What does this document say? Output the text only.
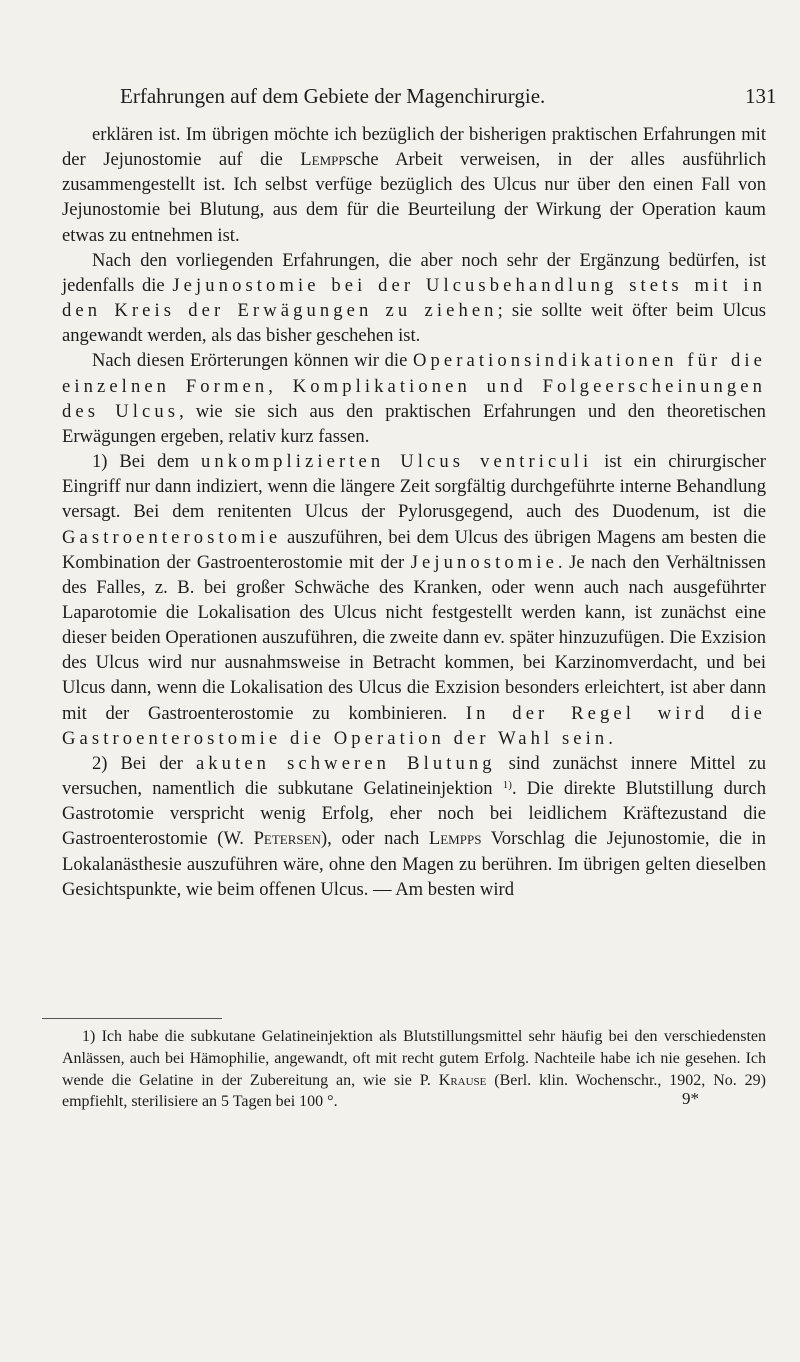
Erfahrungen auf dem Gebiete der Magenchirurgie.	131

erklären ist. Im übrigen möchte ich bezüglich der bisherigen praktischen Erfahrungen mit der Jejunostomie auf die Lemppsche Arbeit verweisen, in der alles ausführlich zusammengestellt ist. Ich selbst verfüge bezüglich des Ulcus nur über den einen Fall von Jejunostomie bei Blutung, aus dem für die Beurteilung der Wirkung der Operation kaum etwas zu entnehmen ist.

Nach den vorliegenden Erfahrungen, die aber noch sehr der Ergänzung bedürfen, ist jedenfalls die Jejunostomie bei der Ulcusbehandlung stets mit in den Kreis der Erwägungen zu ziehen; sie sollte weit öfter beim Ulcus angewandt werden, als das bisher geschehen ist.

Nach diesen Erörterungen können wir die Operationsindikationen für die einzelnen Formen, Komplikationen und Folgeerscheinungen des Ulcus, wie sie sich aus den praktischen Erfahrungen und den theoretischen Erwägungen ergeben, relativ kurz fassen.

1) Bei dem unkomplizierten Ulcus ventriculi ist ein chirurgischer Eingriff nur dann indiziert, wenn die längere Zeit sorgfältig durchgeführte interne Behandlung versagt. Bei dem renitenten Ulcus der Pylorusgegend, auch des Duodenum, ist die Gastroenterostomie auszuführen, bei dem Ulcus des übrigen Magens am besten die Kombination der Gastroenterostomie mit der Jejunostomie. Je nach den Verhältnissen des Falles, z. B. bei großer Schwäche des Kranken, oder wenn auch nach ausgeführter Laparotomie die Lokalisation des Ulcus nicht festgestellt werden kann, ist zunächst eine dieser beiden Operationen auszuführen, die zweite dann ev. später hinzuzufügen. Die Exzision des Ulcus wird nur ausnahmsweise in Betracht kommen, bei Karzinomverdacht, und bei Ulcus dann, wenn die Lokalisation des Ulcus die Exzision besonders erleichtert, ist aber dann mit der Gastroenterostomie zu kombinieren. In der Regel wird die Gastroenterostomie die Operation der Wahl sein.

2) Bei der akuten schweren Blutung sind zunächst innere Mittel zu versuchen, namentlich die subkutane Gelatineinjektion $^{1)}$. Die direkte Blutstillung durch Gastrotomie verspricht wenig Erfolg, eher noch bei leidlichem Kräftezustand die Gastroenterostomie (W. Petersen), oder nach Lempps Vorschlag die Jejunostomie, die in Lokalanästhesie auszuführen wäre, ohne den Magen zu berühren. Im übrigen gelten dieselben Gesichtspunkte, wie beim offenen Ulcus. — Am besten wird

1) Ich habe die subkutane Gelatineinjektion als Blutstillungsmittel sehr häufig bei den verschiedensten Anlässen, auch bei Hämophilie, angewandt, oft mit recht gutem Erfolg. Nachteile habe ich nie gesehen. Ich wende die Gelatine in der Zubereitung an, wie sie P. Krause (Berl. klin. Wochenschr., 1902, No. 29) empfiehlt, sterilisiere an 5 Tagen bei 100 °.	9*
